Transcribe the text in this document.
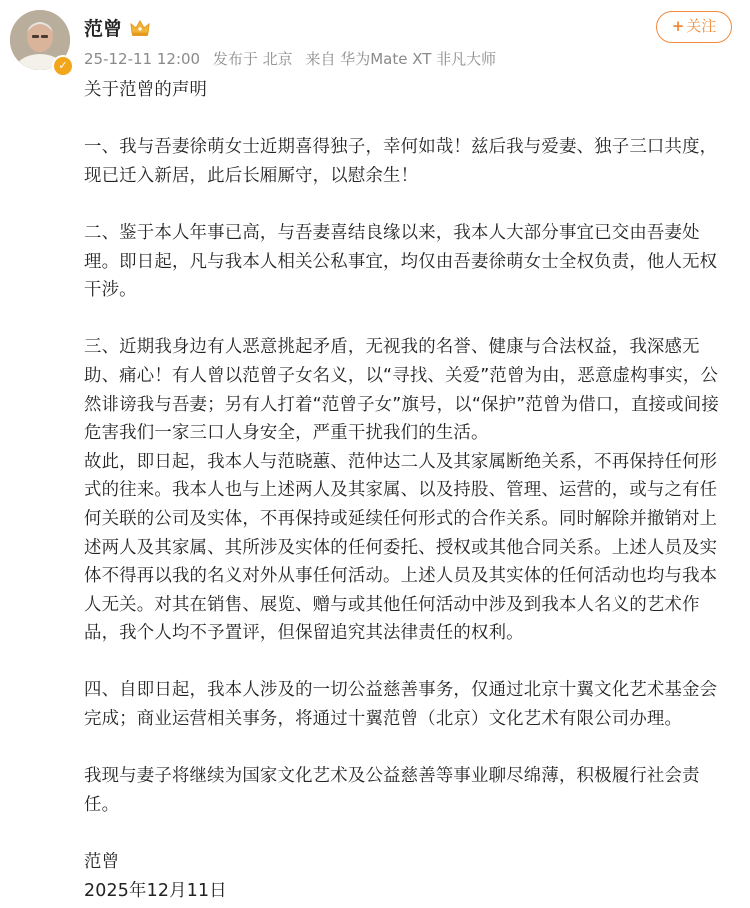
✓
范曾
25-12-11 12:00 发布于 北京 来自 华为Mate XT 非凡大师
+ 关注

关于范曾的声明

一、我与吾妻徐萌女士近期喜得独子，幸何如哉！兹后我与爱妻、独子三口共度，现已迁入新居，此后长厢厮守，以慰余生！

二、鉴于本人年事已高，与吾妻喜结良缘以来，我本人大部分事宜已交由吾妻处理。即日起，凡与我本人相关公私事宜，均仅由吾妻徐萌女士全权负责，他人无权干涉。

三、近期我身边有人恶意挑起矛盾，无视我的名誉、健康与合法权益，我深感无助、痛心！有人曾以范曾子女名义，以“寻找、关爱”范曾为由，恶意虚构事实，公然诽谤我与吾妻；另有人打着“范曾子女”旗号，以“保护”范曾为借口，直接或间接危害我们一家三口人身安全，严重干扰我们的生活。

故此，即日起，我本人与范晓蕙、范仲达二人及其家属断绝关系，不再保持任何形式的往来。我本人也与上述两人及其家属、以及持股、管理、运营的，或与之有任何关联的公司及实体，不再保持或延续任何形式的合作关系。同时解除并撤销对上述两人及其家属、其所涉及实体的任何委托、授权或其他合同关系。上述人员及实体不得再以我的名义对外从事任何活动。上述人员及其实体的任何活动也均与我本人无关。对其在销售、展览、赠与或其他任何活动中涉及到我本人名义的艺术作品，我个人均不予置评，但保留追究其法律责任的权利。

四、自即日起，我本人涉及的一切公益慈善事务，仅通过北京十翼文化艺术基金会完成；商业运营相关事务，将通过十翼范曾（北京）文化艺术有限公司办理。

我现与妻子将继续为国家文化艺术及公益慈善等事业聊尽绵薄，积极履行社会责任。

范曾

2025年12月11日
